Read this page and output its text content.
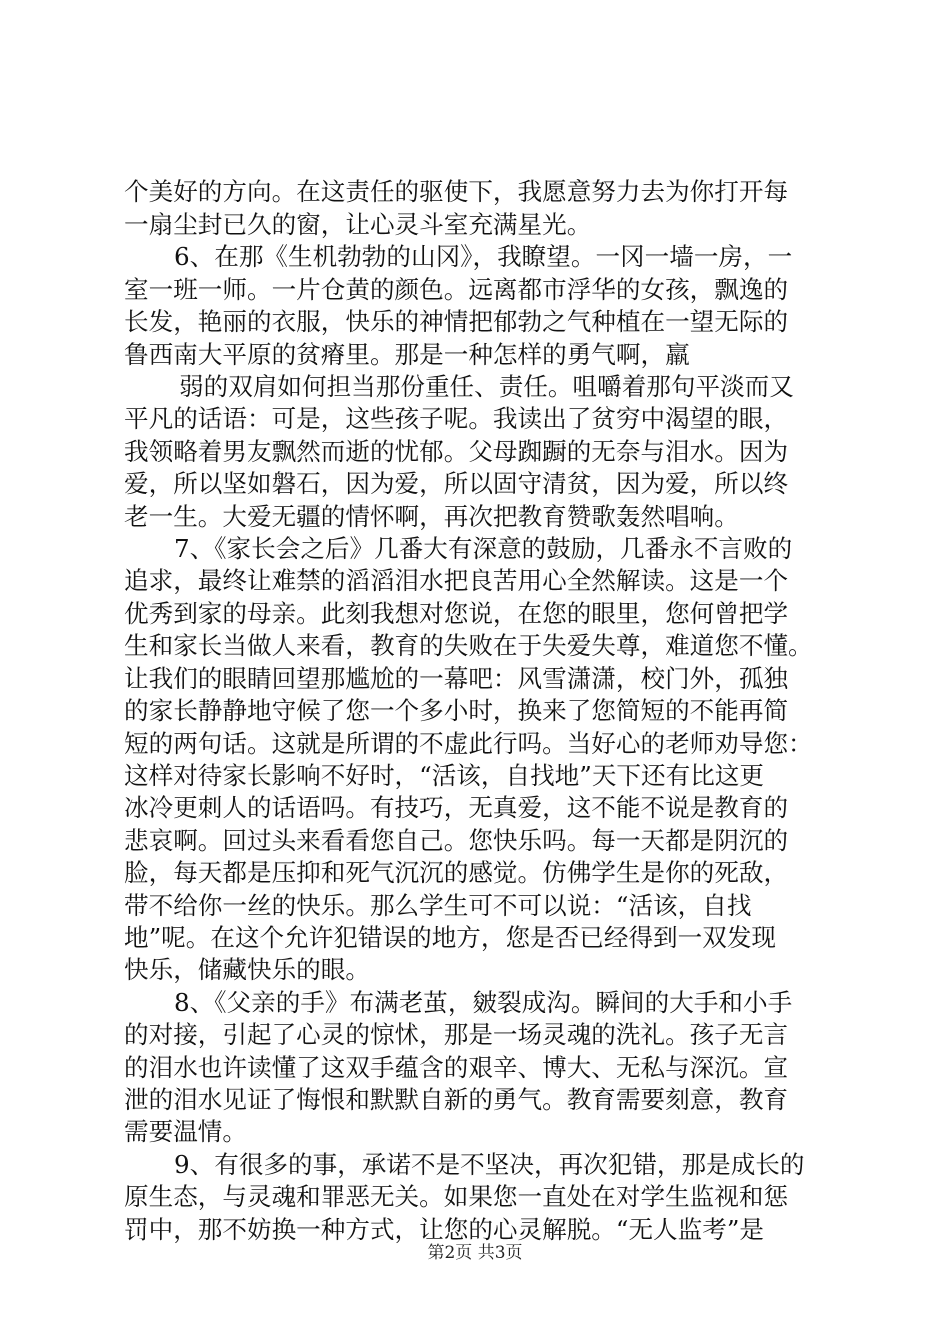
个美好的方向。在这责任的驱使下，我愿意努力去为你打开每
一扇尘封已久的窗，让心灵斗室充满星光。
6、在那《生机勃勃的山冈》，我瞭望。一冈一墙一房，一
室一班一师。一片仓黄的颜色。远离都市浮华的女孩，飘逸的
长发，艳丽的衣服，快乐的神情把郁勃之气种植在一望无际的
鲁西南大平原的贫瘠里。那是一种怎样的勇气啊，羸
弱的双肩如何担当那份重任、责任。咀嚼着那句平淡而又
平凡的话语：可是，这些孩子呢。我读出了贫穷中渴望的眼，
我领略着男友飘然而逝的忧郁。父母踟蹰的无奈与泪水。因为
爱，所以坚如磐石，因为爱，所以固守清贫，因为爱，所以终
老一生。大爱无疆的情怀啊，再次把教育赞歌轰然唱响。
7、《家长会之后》几番大有深意的鼓励，几番永不言败的
追求，最终让难禁的滔滔泪水把良苦用心全然解读。这是一个
优秀到家的母亲。此刻我想对您说，在您的眼里，您何曾把学
生和家长当做人来看，教育的失败在于失爱失尊，难道您不懂。
让我们的眼睛回望那尴尬的一幕吧：风雪潇潇，校门外，孤独
的家长静静地守候了您一个多小时，换来了您简短的不能再简
短的两句话。这就是所谓的不虚此行吗。当好心的老师劝导您：
这样对待家长影响不好时，“活该，自找地”天下还有比这更
冰冷更刺人的话语吗。有技巧，无真爱，这不能不说是教育的
悲哀啊。回过头来看看您自己。您快乐吗。每一天都是阴沉的
脸，每天都是压抑和死气沉沉的感觉。仿佛学生是你的死敌，
带不给你一丝的快乐。那么学生可不可以说：“活该，自找
地”呢。在这个允许犯错误的地方，您是否已经得到一双发现
快乐，储藏快乐的眼。
8、《父亲的手》布满老茧，皴裂成沟。瞬间的大手和小手
的对接，引起了心灵的惊怵，那是一场灵魂的洗礼。孩子无言
的泪水也许读懂了这双手蕴含的艰辛、博大、无私与深沉。宣
泄的泪水见证了悔恨和默默自新的勇气。教育需要刻意，教育
需要温情。
9、有很多的事，承诺不是不坚决，再次犯错，那是成长的
原生态，与灵魂和罪恶无关。如果您一直处在对学生监视和惩
罚中，那不妨换一种方式，让您的心灵解脱。“无人监考”是
第2页 共3页
